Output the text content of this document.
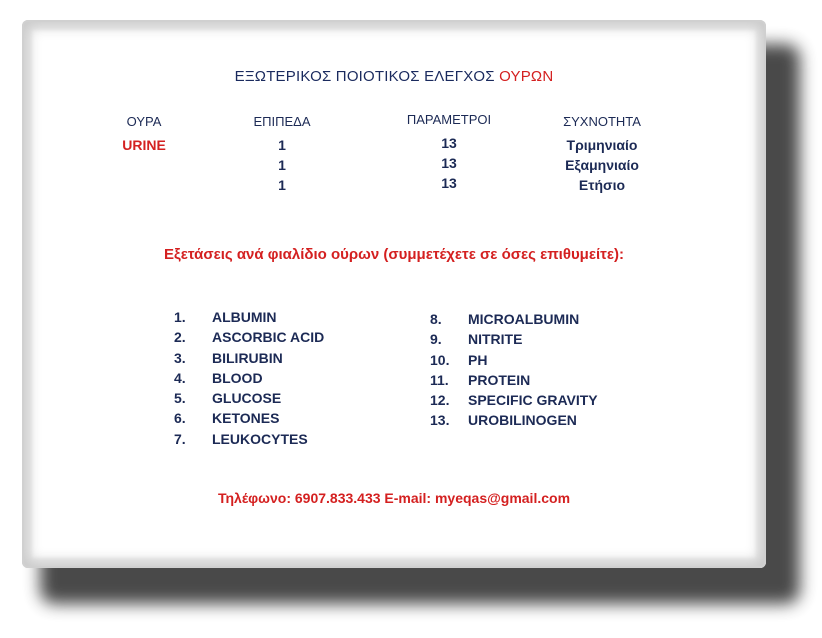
ΕΞΩΤΕΡΙΚΟΣ ΠΟΙΟΤΙΚΟΣ ΕΛΕΓΧΟΣ ΟΥΡΩΝ
ΟΥΡΑ
URINE
ΕΠΙΠΕΔΑ
1
1
1
ΠΑΡΑΜΕΤΡΟΙ
13
13
13
ΣΥΧΝΟΤΗΤΑ
Τριμηνιαίο
Εξαμηνιαίο
Ετήσιο
Εξετάσεις ανά φιαλίδιο ούρων (συμμετέχετε σε όσες επιθυμείτε):
1. ALBUMIN
2. ASCORBIC ACID
3. BILIRUBIN
4. BLOOD
5. GLUCOSE
6. KETONES
7. LEUKOCYTES
8. MICROALBUMIN
9. NITRITE
10. PH
11. PROTEIN
12. SPECIFIC GRAVITY
13. UROBILINOGEN
Τηλέφωνο: 6907.833.433 E-mail: myeqas@gmail.com
